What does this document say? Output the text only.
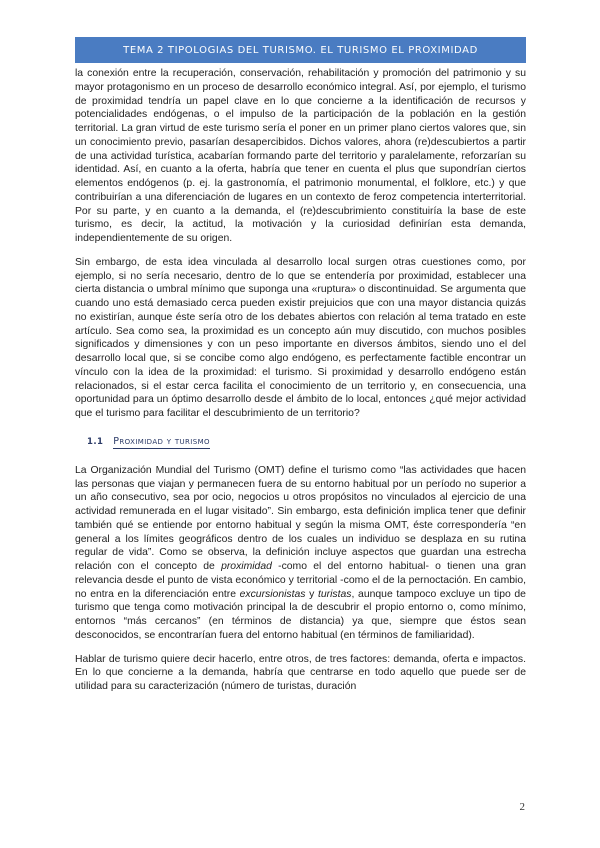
TEMA 2 TIPOLOGIAS DEL TURISMO. EL TURISMO EL PROXIMIDAD

la conexión entre la recuperación, conservación, rehabilitación y promoción del patrimonio y su mayor protagonismo en un proceso de desarrollo económico integral. Así, por ejemplo, el turismo de proximidad tendría un papel clave en lo que concierne a la identificación de recursos y potencialidades endógenas, o el impulso de la participación de la población en la gestión territorial. La gran virtud de este turismo sería el poner en un primer plano ciertos valores que, sin un conocimiento previo, pasarían desapercibidos. Dichos valores, ahora (re)descubiertos a partir de una actividad turística, acabarían formando parte del territorio y paralelamente, reforzarían su identidad. Así, en cuanto a la oferta, habría que tener en cuenta el plus que supondrían ciertos elementos endógenos (p. ej. la gastronomía, el patrimonio monumental, el folklore, etc.) y que contribuirían a una diferenciación de lugares en un contexto de feroz competencia interterritorial. Por su parte, y en cuanto a la demanda, el (re)descubrimiento constituiría la base de este turismo, es decir, la actitud, la motivación y la curiosidad definirían esta demanda, independientemente de su origen.

Sin embargo, de esta idea vinculada al desarrollo local surgen otras cuestiones como, por ejemplo, si no sería necesario, dentro de lo que se entendería por proximidad, establecer una cierta distancia o umbral mínimo que suponga una «ruptura» o discontinuidad. Se argumenta que cuando uno está demasiado cerca pueden existir prejuicios que con una mayor distancia quizás no existirían, aunque éste sería otro de los debates abiertos con relación al tema tratado en este artículo. Sea como sea, la proximidad es un concepto aún muy discutido, con muchos posibles significados y dimensiones y con un peso importante en diversos ámbitos, siendo uno el del desarrollo local que, si se concibe como algo endógeno, es perfectamente factible encontrar un vínculo con la idea de la proximidad: el turismo. Si proximidad y desarrollo endógeno están relacionados, si el estar cerca facilita el conocimiento de un territorio y, en consecuencia, una oportunidad para un óptimo desarrollo desde el ámbito de lo local, entonces ¿qué mejor actividad que el turismo para facilitar el descubrimiento de un territorio?

1.1 Proximidad y turismo

La Organización Mundial del Turismo (OMT) define el turismo como “las actividades que hacen las personas que viajan y permanecen fuera de su entorno habitual por un período no superior a un año consecutivo, sea por ocio, negocios u otros propósitos no vinculados al ejercicio de una actividad remunerada en el lugar visitado”. Sin embargo, esta definición implica tener que definir también qué se entiende por entorno habitual y según la misma OMT, éste correspondería “en general a los límites geográficos dentro de los cuales un individuo se desplaza en su rutina regular de vida”. Como se observa, la definición incluye aspectos que guardan una estrecha relación con el concepto de proximidad -como el del entorno habitual- o tienen una gran relevancia desde el punto de vista económico y territorial -como el de la pernoctación. En cambio, no entra en la diferenciación entre excursionistas y turistas, aunque tampoco excluye un tipo de turismo que tenga como motivación principal la de descubrir el propio entorno o, como mínimo, entornos “más cercanos” (en términos de distancia) ya que, siempre que éstos sean desconocidos, se encontrarían fuera del entorno habitual (en términos de familiaridad).

Hablar de turismo quiere decir hacerlo, entre otros, de tres factores: demanda, oferta e impactos. En lo que concierne a la demanda, habría que centrarse en todo aquello que puede ser de utilidad para su caracterización (número de turistas, duración

2
